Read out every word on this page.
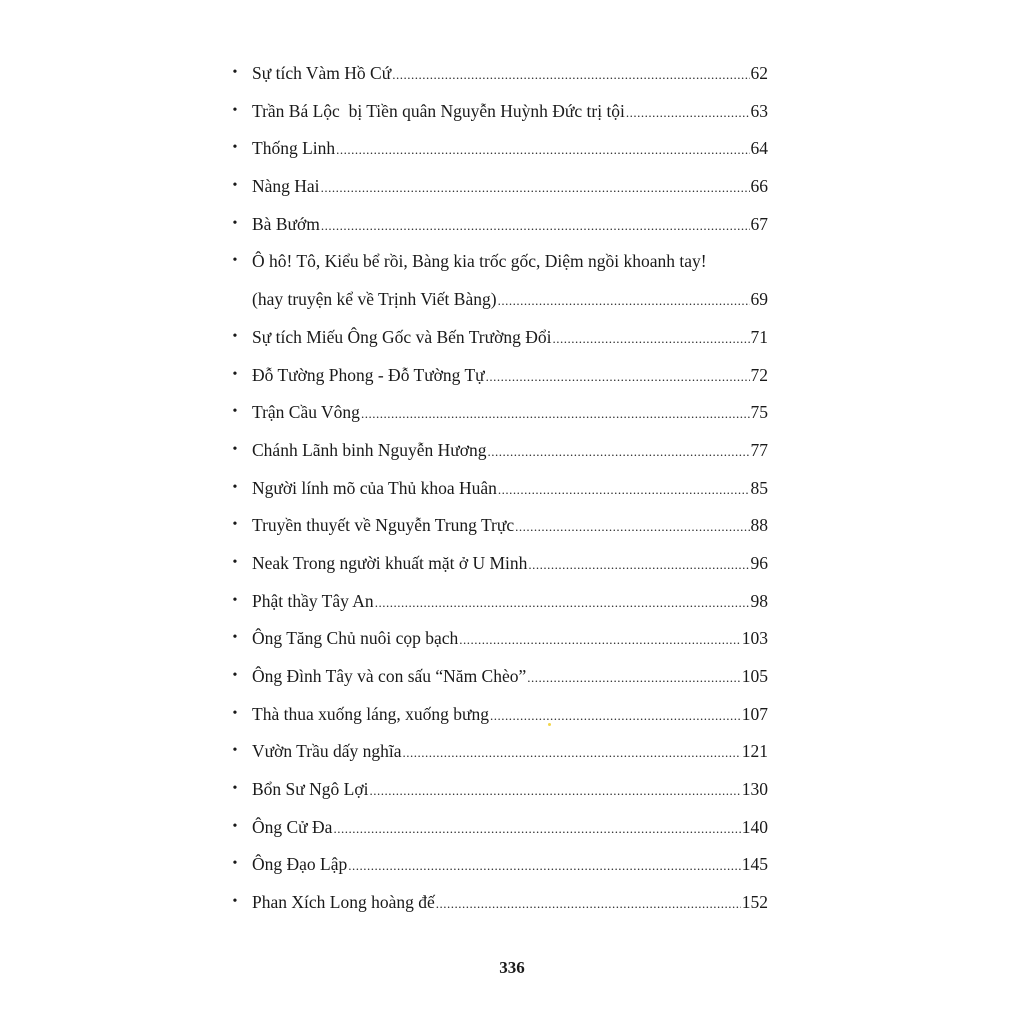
• Sự tích Vàm Hồ Cứ .....	62
• Trần Bá Lộc  bị Tiền quân Nguyễn Huỳnh Đức trị tội .....	63
• Thống Linh .....	64
• Nàng Hai .....	66
• Bà Bướm .....	67
• Ô hô! Tô, Kiểu bể rồi, Bàng kia trốc gốc, Diệm ngồi khoanh tay!
(hay truyện kể về Trịnh Viết Bàng) .....	69
• Sự tích Miếu Ông Gốc và Bến Trường Đổi .....	71
• Đỗ Tường Phong - Đỗ Tường Tự .....	72
• Trận Cầu Vông .....	75
• Chánh Lãnh binh Nguyễn Hương .....	77
• Người lính mõ của Thủ khoa Huân .....	85
• Truyền thuyết về Nguyễn Trung Trực .....	88
• Neak Trong người khuất mặt ở U Minh .....	96
• Phật thầy Tây An .....	98
• Ông Tăng Chủ nuôi cọp bạch .....	103
• Ông Đình Tây và con sấu “Năm Chèo” .....	105
• Thà thua xuống láng, xuống bưng .....	107
• Vườn Trầu dấy nghĩa .....	121
• Bổn Sư Ngô Lợi .....	130
• Ông Cử Đa .....	140
• Ông Đạo Lập .....	145
• Phan Xích Long hoàng đế .....	152
336
